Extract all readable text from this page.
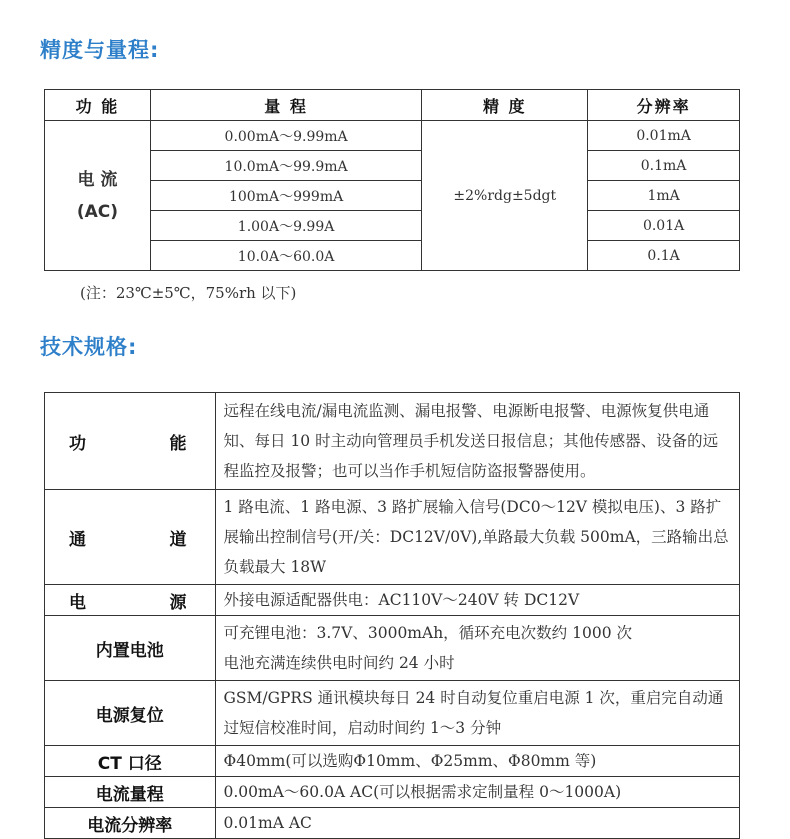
精度与量程:
功 能	量 程	精 度	分辨率

电 流
(AC)	0.00mA～9.99mA	±2%rdg±5dgt	0.01mA
	10.0mA～99.9mA		0.1mA
	100mA～999mA		1mA
	1.00A～9.99A		0.01A
	10.0A～60.0A		0.1A
(注：23℃±5℃，75%rh 以下)
技术规格:
功 能	远程在线电流/漏电流监测、漏电报警、电源断电报警、电源恢复供电通知、每日 10 时主动向管理员手机发送日报信息；其他传感器、设备的远程监控及报警；也可以当作手机短信防盗报警器使用。
通 道	1 路电流、1 路电源、3 路扩展输入信号(DC0～12V 模拟电压)、3 路扩展输出控制信号(开/关：DC12V/0V),单路最大负载 500mA，三路输出总负载最大 18W
电 源	外接电源适配器供电：AC110V～240V 转 DC12V
内置电池	可充锂电池：3.7V、3000mAh，循环充电次数约 1000 次
电池充满连续供电时间约 24 小时

电源复位	GSM/GPRS 通讯模块每日 24 时自动复位重启电源 1 次，重启完自动通过短信校准时间，启动时间约 1～3 分钟
CT 口径	Φ40mm(可以选购Φ10mm、Φ25mm、Φ80mm 等)
电流量程	0.00mA～60.0A AC(可以根据需求定制量程 0～1000A)
电流分辨率	0.01mA AC
